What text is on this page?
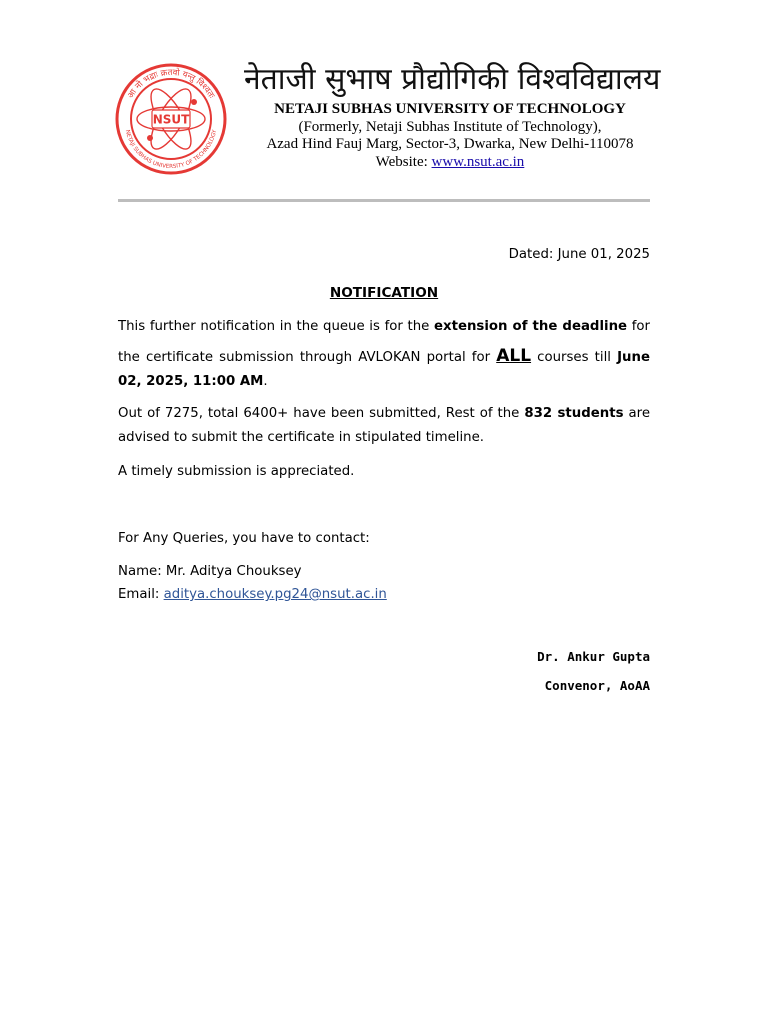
आ नो भद्राः क्रतवो यन्तु विश्वतः
NETAJI SUBHAS UNIVERSITY OF TECHNOLOGY
NSUT
नेताजी सुभाष प्रौद्योगिकी विश्वविद्यालय
NETAJI SUBHAS UNIVERSITY OF TECHNOLOGY
(Formerly, Netaji Subhas Institute of Technology),
Azad Hind Fauj Marg, Sector-3, Dwarka, New Delhi-110078
Website: www.nsut.ac.in
Dated: June 01, 2025
NOTIFICATION
This further notification in the queue is for the extension of the deadline for
the certificate submission through AVLOKAN portal for ALL courses till June
02, 2025, 11:00 AM.
Out of 7275, total 6400+ have been submitted, Rest of the 832 students are
advised to submit the certificate in stipulated timeline.
A timely submission is appreciated.
For Any Queries, you have to contact:
Name: Mr. Aditya Chouksey
Email: aditya.chouksey.pg24@nsut.ac.in
Dr. Ankur Gupta
Convenor, AoAA
